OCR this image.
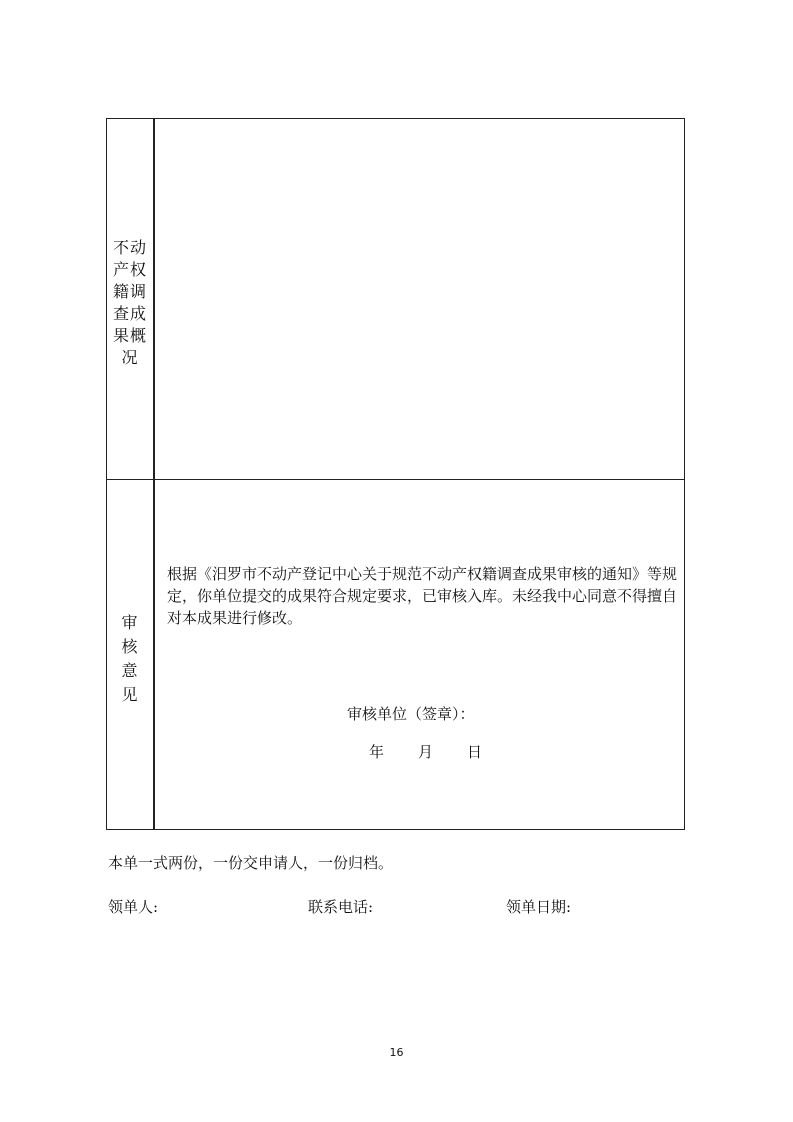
不动
产权
籍调
查成
果概
况
审
核
意
见

根据《汨罗市不动产登记中心关于规范不动产权籍调查成果审核的通知》等规定，你单位提交的成果符合规定要求，已审核入库。未经我中心同意不得擅自对本成果进行修改。

审核单位（签章）：

年 月 日

本单一式两份，一份交申请人，一份归档。

领单人:	联系电话:	领单日期:

16
